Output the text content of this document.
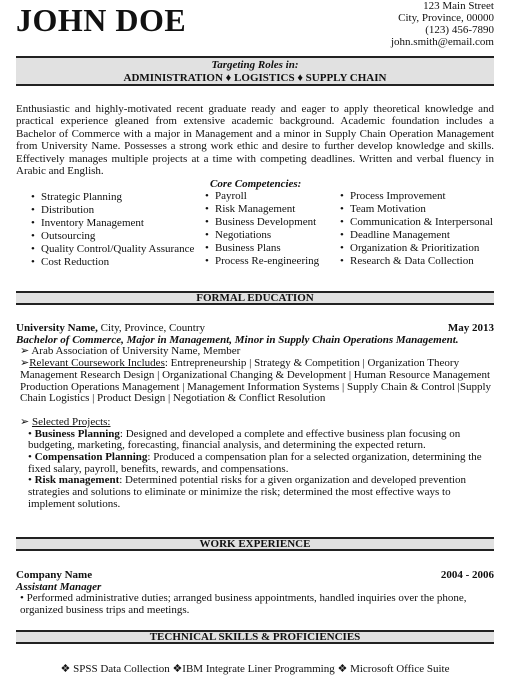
JOHN DOE	123 Main Street
City, Province, 00000
(123) 456-7890
john.smith@email.com
Targeting Roles in:
ADMINISTRATION ♦ LOGISTICS ♦ SUPPLY CHAIN
Enthusiastic and highly-motivated recent graduate ready and eager to apply theoretical knowledge and practical experience gleaned from extensive academic background. Academic foundation includes a Bachelor of Commerce with a major in Management and a minor in Supply Chain Operation Management from University Name. Possesses a strong work ethic and desire to further develop knowledge and skills. Effectively manages multiple projects at a time with competing deadlines. Written and verbal fluency in Arabic and English.
Core Competencies:
• Strategic Planning
• Distribution
• Inventory Management
• Outsourcing
• Quality Control/Quality Assurance
• Cost Reduction
• Payroll
• Risk Management
• Business Development
• Negotiations
• Business Plans
• Process Re-engineering
• Process Improvement
• Team Motivation
• Communication & Interpersonal
• Deadline Management
• Organization & Prioritization
• Research & Data Collection
FORMAL EDUCATION
University Name, City, Province, Country	May 2013
Bachelor of Commerce, Major in Management, Minor in Supply Chain Operations Management.
➢ Arab Association of University Name, Member
➢Relevant Coursework Includes: Entrepreneurship | Strategy & Competition | Organization Theory Management Research Design | Organizational Changing & Development | Human Resource Management Production Operations Management | Management Information Systems | Supply Chain & Control |Supply Chain Logistics | Product Design | Negotiation & Conflict Resolution
➢ Selected Projects:
• Business Planning: Designed and developed a complete and effective business plan focusing on budgeting, marketing, forecasting, financial analysis, and determining the expected return.
• Compensation Planning: Produced a compensation plan for a selected organization, determining the fixed salary, payroll, benefits, rewards, and compensations.
• Risk management: Determined potential risks for a given organization and developed prevention strategies and solutions to eliminate or minimize the risk; determined the most effective ways to implement solutions.
WORK EXPERIENCE
Company Name	2004 - 2006
Assistant Manager
• Performed administrative duties; arranged business appointments, handled inquiries over the phone, organized business trips and meetings.
TECHNICAL SKILLS & PROFICIENCIES
❖ SPSS Data Collection ❖IBM Integrate Liner Programming ❖ Microsoft Office Suite
